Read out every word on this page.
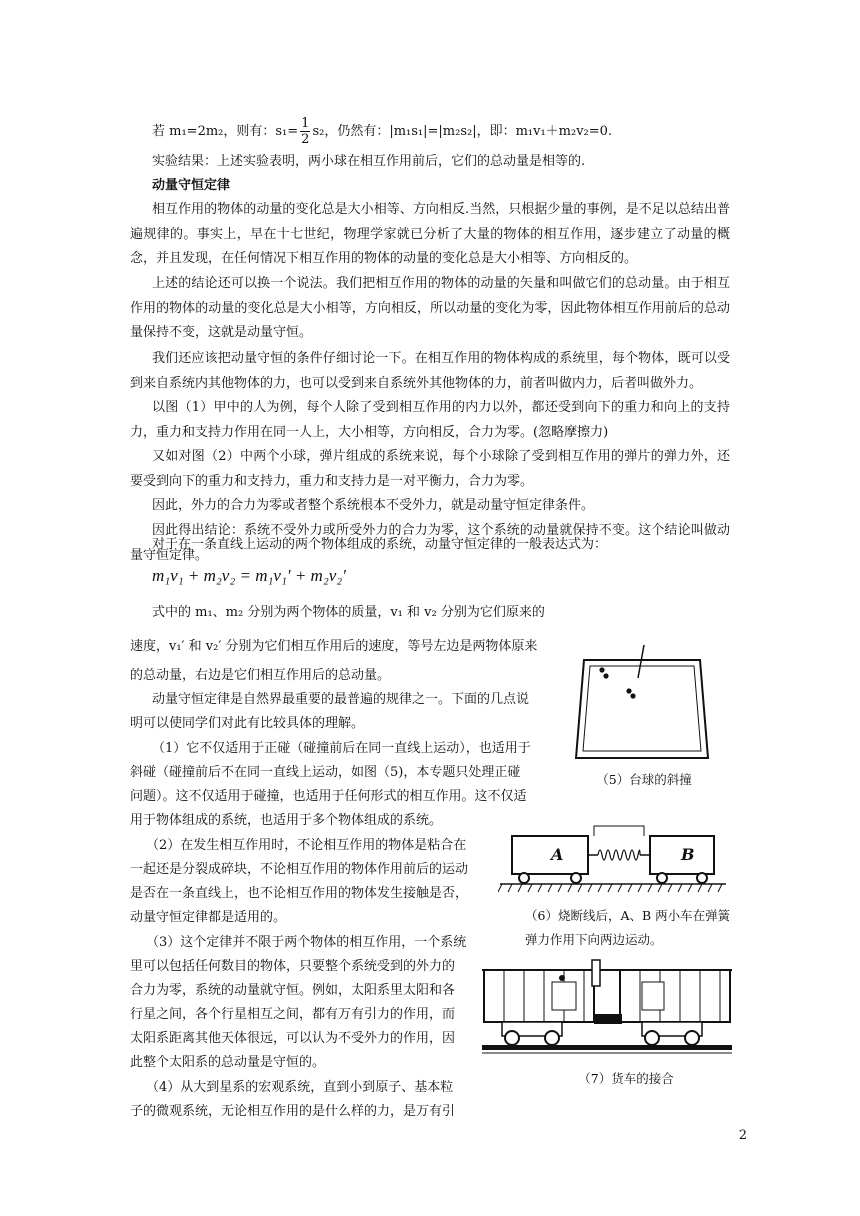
若 m₁=2m₂，则有：$s_1= \frac{1}{2} s_2$，仍然有：|m₁s₁|=|m₂s₂|，即：m₁v₁＋m₂v₂=0.
实验结果：上述实验表明，两小球在相互作用前后，它们的总动量是相等的.
动量守恒定律
相互作用的物体的动量的变化总是大小相等、方向相反.当然，只根据少量的事例，是不足以总结出普遍规律的。事实上，早在十七世纪，物理学家就已分析了大量的物体的相互作用，逐步建立了动量的概念，并且发现，在任何情况下相互作用的物体的动量的变化总是大小相等、方向相反的。
上述的结论还可以换一个说法。我们把相互作用的物体的动量的矢量和叫做它们的总动量。由于相互作用的物体的动量的变化总是大小相等，方向相反，所以动量的变化为零，因此物体相互作用前后的总动量保持不变，这就是动量守恒。
我们还应该把动量守恒的条件仔细讨论一下。在相互作用的物体构成的系统里，每个物体，既可以受到来自系统内其他物体的力，也可以受到来自系统外其他物体的力，前者叫做内力，后者叫做外力。
以图（1）甲中的人为例，每个人除了受到相互作用的内力以外，都还受到向下的重力和向上的支持力，重力和支持力作用在同一人上，大小相等，方向相反，合力为零。(忽略摩擦力)
又如对图（2）中两个小球，弹片组成的系统来说，每个小球除了受到相互作用的弹片的弹力外，还要受到向下的重力和支持力，重力和支持力是一对平衡力，合力为零。
因此，外力的合力为零或者整个系统根本不受外力，就是动量守恒定律条件。
因此得出结论：系统不受外力或所受外力的合力为零，这个系统的动量就保持不变。这个结论叫做动量守恒定律。
对于在一条直线上运动的两个物体组成的系统，动量守恒定律的一般表达式为：
m₁v₁ + m₂v₂ = m₁v₁′ + m₂v₂′
式中的 m₁、m₂ 分别为两个物体的质量，v₁ 和 v₂ 分别为它们原来的
速度，v₁′ 和 v₂′ 分别为它们相互作用后的速度，等号左边是两物体原来
的总动量，右边是它们相互作用后的总动量。
动量守恒定律是自然界最重要的最普遍的规律之一。下面的几点说
明可以使同学们对此有比较具体的理解。
（1）它不仅适用于正碰（碰撞前后在同一直线上运动），也适用于
斜碰（碰撞前后不在同一直线上运动，如图（5)，本专题只处理正碰
问题）。这不仅适用于碰撞，也适用于任何形式的相互作用。这不仅适
用于物体组成的系统，也适用于多个物体组成的系统。
（2）在发生相互作用时，不论相互作用的物体是粘合在
一起还是分裂成碎块，不论相互作用的物体作用前后的运动
是否在一条直线上，也不论相互作用的物体发生接触是否，
动量守恒定律都是适用的。
（3）这个定律并不限于两个物体的相互作用，一个系统
里可以包括任何数目的物体，只要整个系统受到的外力的
合力为零，系统的动量就守恒。例如，太阳系里太阳和各
行星之间，各个行星相互之间，都有万有引力的作用，而
太阳系距离其他天体很远，可以认为不受外力的作用，因
此整个太阳系的总动量是守恒的。
（4）从大到星系的宏观系统，直到小到原子、基本粒
子的微观系统，无论相互作用的是什么样的力，是万有引
（5）台球的斜撞
A	B
（6）烧断线后，A、B 两小车在弹簧
弹力作用下向两边运动。
（7）货车的接合
2
